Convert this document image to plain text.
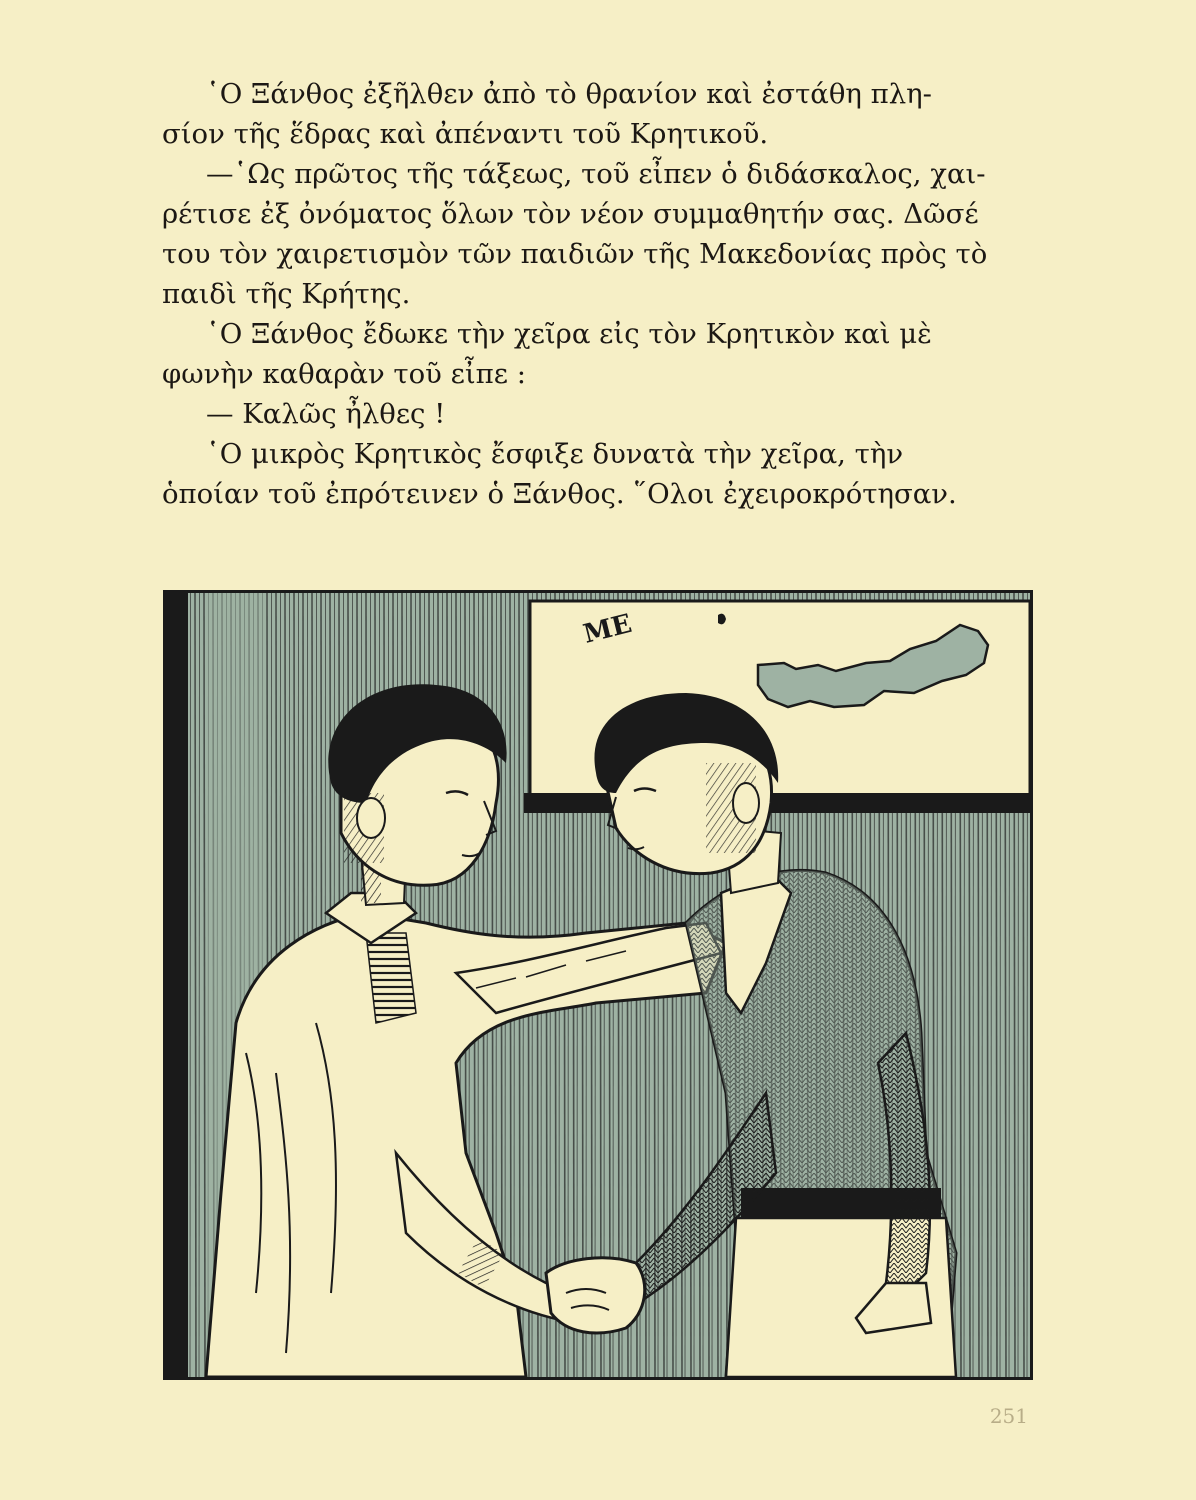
῾Ο Ξάνθος ἐξῆλθεν ἀπὸ τὸ θρανίον καὶ ἐστάθη πλη-
σίον τῆς ἕδρας καὶ ἀπέναντι τοῦ Κρητικοῦ.

—῾Ως πρῶτος τῆς τάξεως, τοῦ εἶπεν ὁ διδάσκαλος, χαι-
ρέτισε ἐξ ὀνόματος ὅλων τὸν νέον συμμαθητήν σας. Δῶσέ
του τὸν χαιρετισμὸν τῶν παιδιῶν τῆς Μακεδονίας πρὸς τὸ
παιδὶ τῆς Κρήτης.

῾Ο Ξάνθος ἔδωκε τὴν χεῖρα εἰς τὸν Κρητικὸν καὶ μὲ
φωνὴν καθαρὰν τοῦ εἶπε :

— Καλῶς ἦλθες !

῾Ο μικρὸς Κρητικὸς ἔσφιξε δυνατὰ τὴν χεῖρα, τὴν
ὁποίαν τοῦ ἐπρότεινεν ὁ Ξάνθος. ῞Ολοι ἐχειροκρότησαν.

ΜΕ
251
